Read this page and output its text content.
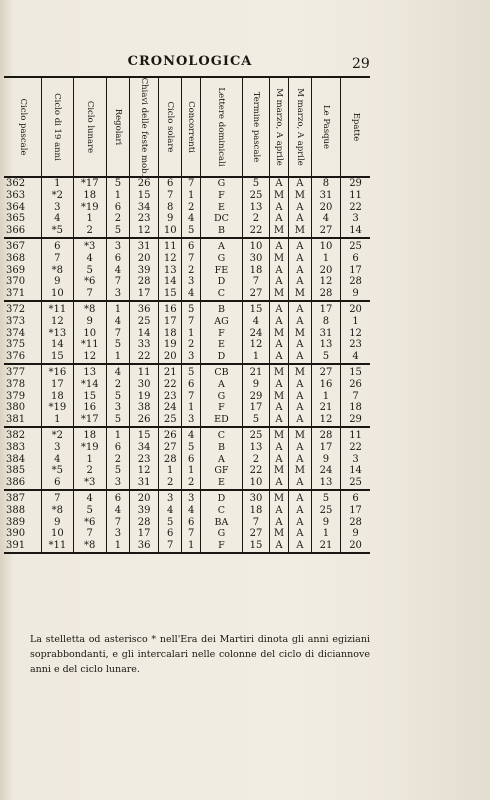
CRONOLOGICA	29
Ciclo pascale	Ciclo di 19 anni	Ciclo lunare	Regolari	Chiavi delle feste mob.	Ciclo solare	Concorrenti	Lettere dominicali	Termine pascale	M marzo, A aprile	M marzo, A aprile	Le Pasque	Epatte

362	1	*17	5	26	6	7	G	5	A	A	8	29
363	*2	18	1	15	7	1	F	25	M	M	31	11
364	3	*19	6	34	8	2	E	13	A	A	20	22
365	4	1	2	23	9	4	DC	2	A	A	4	3
366	*5	2	5	12	10	5	B	22	M	M	27	14
367	6	*3	3	31	11	6	A	10	A	A	10	25
368	7	4	6	20	12	7	G	30	M	A	1	6
369	*8	5	4	39	13	2	FE	18	A	A	20	17
370	9	*6	7	28	14	3	D	7	A	A	12	28
371	10	7	3	17	15	4	C	27	M	M	28	9
372	*11	*8	1	36	16	5	B	15	A	A	17	20
373	12	9	4	25	17	7	AG	4	A	A	8	1
374	*13	10	7	14	18	1	F	24	M	M	31	12
375	14	*11	5	33	19	2	E	12	A	A	13	23
376	15	12	1	22	20	3	D	1	A	A	5	4
377	*16	13	4	11	21	5	CB	21	M	M	27	15
378	17	*14	2	30	22	6	A	9	A	A	16	26
379	18	15	5	19	23	7	G	29	M	A	1	7
380	*19	16	3	38	24	1	F	17	A	A	21	18
381	1	*17	5	26	25	3	ED	5	A	A	12	29
382	*2	18	1	15	26	4	C	25	M	M	28	11
383	3	*19	6	34	27	5	B	13	A	A	17	22
384	4	1	2	23	28	6	A	2	A	A	9	3
385	*5	2	5	12	1	1	GF	22	M	M	24	14
386	6	*3	3	31	2	2	E	10	A	A	13	25
387	7	4	6	20	3	3	D	30	M	A	5	6
388	*8	5	4	39	4	4	C	18	A	A	25	17
389	9	*6	7	28	5	6	BA	7	A	A	9	28
390	10	7	3	17	6	7	G	27	M	A	1	9
391	*11	*8	1	36	7	1	F	15	A	A	21	20
La stelletta od asterisco * nell'Era dei Martiri dinota gli anni egiziani soprabbondanti, e gli intercalari nelle colonne del ciclo di diciannove anni e del ciclo lunare.
